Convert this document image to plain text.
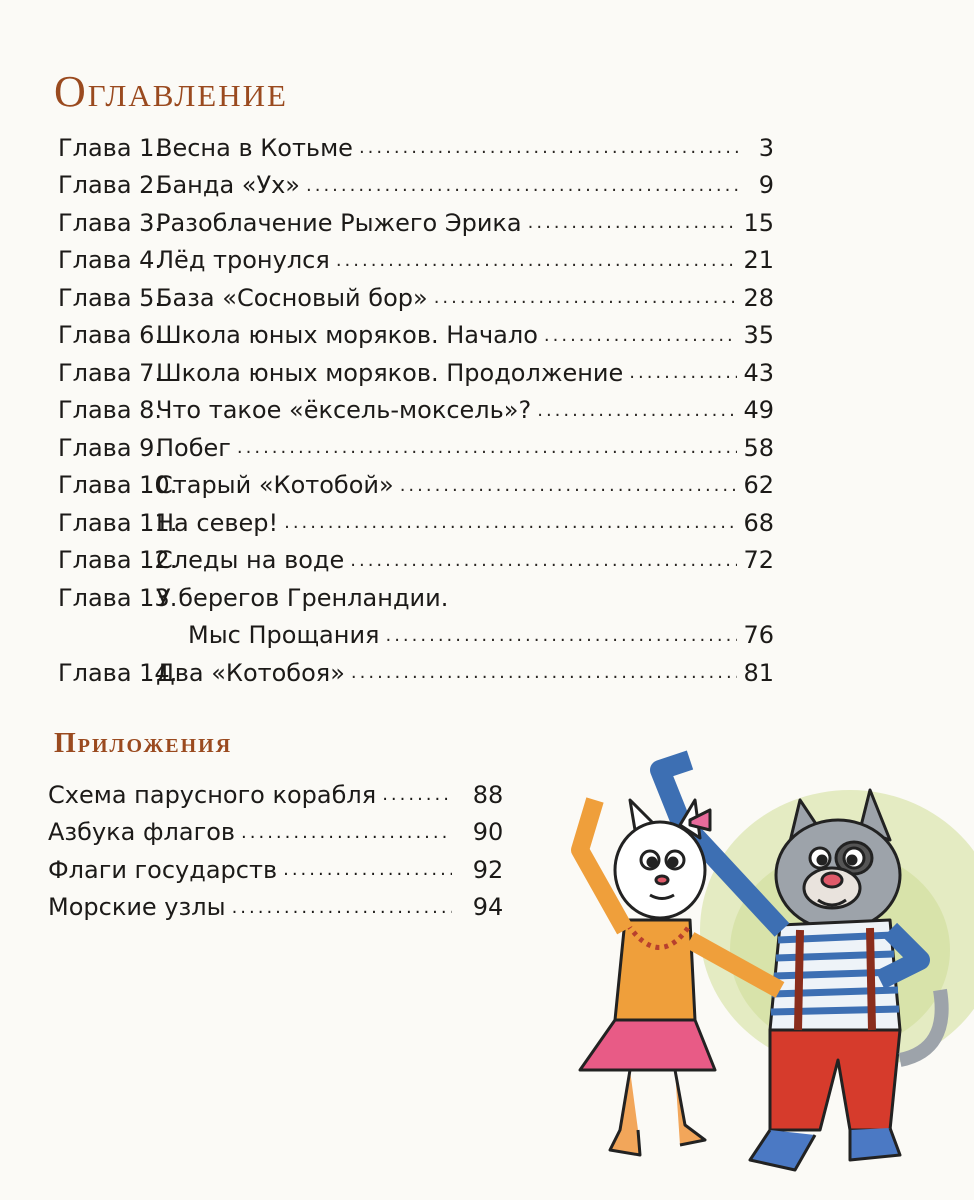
Оглавление
Глава 1.
Весна в Котьме .....	3
Глава 2.
Банда «Ух» .....	9
Глава 3.
Разоблачение Рыжего Эрика .....	15
Глава 4.
Лёд тронулся .....	21
Глава 5.
База «Сосновый бор» .....	28
Глава 6.
Школа юных моряков. Начало .....	35
Глава 7.
Школа юных моряков. Продолжение .....	43
Глава 8.
Что такое «ёксель-моксель»? .....	49
Глава 9.
Побег .....	58
Глава 10.
Старый «Котобой» .....	62
Глава 11.
На север! .....	68
Глава 12.
Следы на воде .....	72
Глава 13.
У берегов Гренландии.
Мыс Прощания .....	76
Глава 14.
Два «Котобоя» .....	81
Приложения
Схема парусного корабля .....	88
Азбука флагов .....	90
Флаги государств .....	92
Морские узлы .....	94
